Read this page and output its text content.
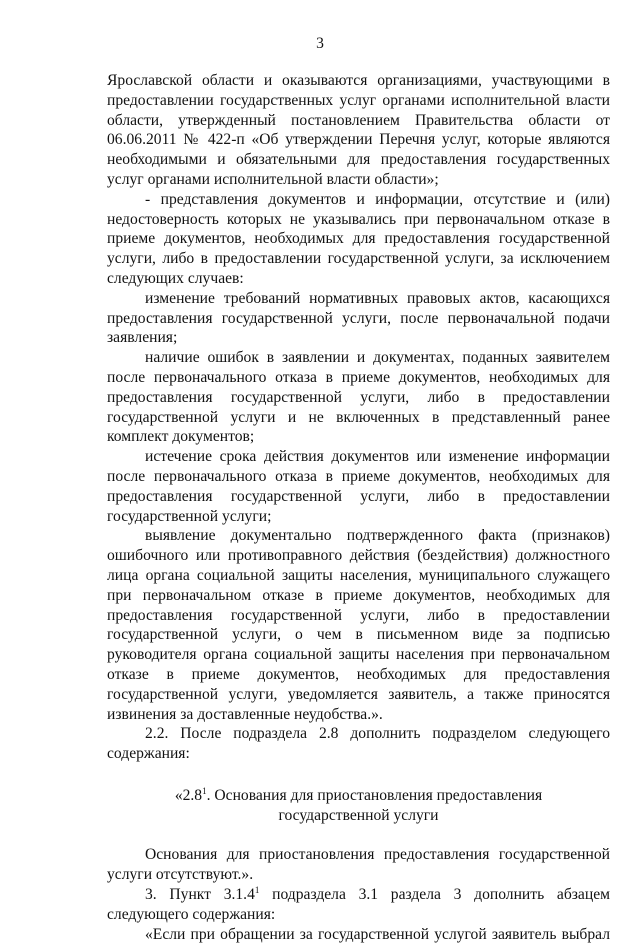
3

Ярославской области и оказываются организациями, участвующими в предоставлении государственных услуг органами исполнительной власти области, утвержденный постановлением Правительства области от 06.06.2011 № 422-п «Об утверждении Перечня услуг, которые являются необходимыми и обязательными для предоставления государственных услуг органами исполнительной власти области»;

- представления документов и информации, отсутствие и (или) недостоверность которых не указывались при первоначальном отказе в приеме документов, необходимых для предоставления государственной услуги, либо в предоставлении государственной услуги, за исключением следующих случаев:

изменение требований нормативных правовых актов, касающихся предоставления государственной услуги, после первоначальной подачи заявления;

наличие ошибок в заявлении и документах, поданных заявителем после первоначального отказа в приеме документов, необходимых для предоставления государственной услуги, либо в предоставлении государственной услуги и не включенных в представленный ранее комплект документов;

истечение срока действия документов или изменение информации после первоначального отказа в приеме документов, необходимых для предоставления государственной услуги, либо в предоставлении государственной услуги;

выявление документально подтвержденного факта (признаков) ошибочного или противоправного действия (бездействия) должностного лица органа социальной защиты населения, муниципального служащего при первоначальном отказе в приеме документов, необходимых для предоставления государственной услуги, либо в предоставлении государственной услуги, о чем в письменном виде за подписью руководителя органа социальной защиты населения при первоначальном отказе в приеме документов, необходимых для предоставления государственной услуги, уведомляется заявитель, а также приносятся извинения за доставленные неудобства.».

2.2. После подраздела 2.8 дополнить подразделом следующего содержания:

«$2.8^1$. Основания для приостановления предоставления
государственной услуги

Основания для приостановления предоставления государственной услуги отсутствуют.».

3. Пункт 3.1.4$^1$ подраздела 3.1 раздела 3 дополнить абзацем следующего содержания:

«Если при обращении за государственной услугой заявитель выбрал
